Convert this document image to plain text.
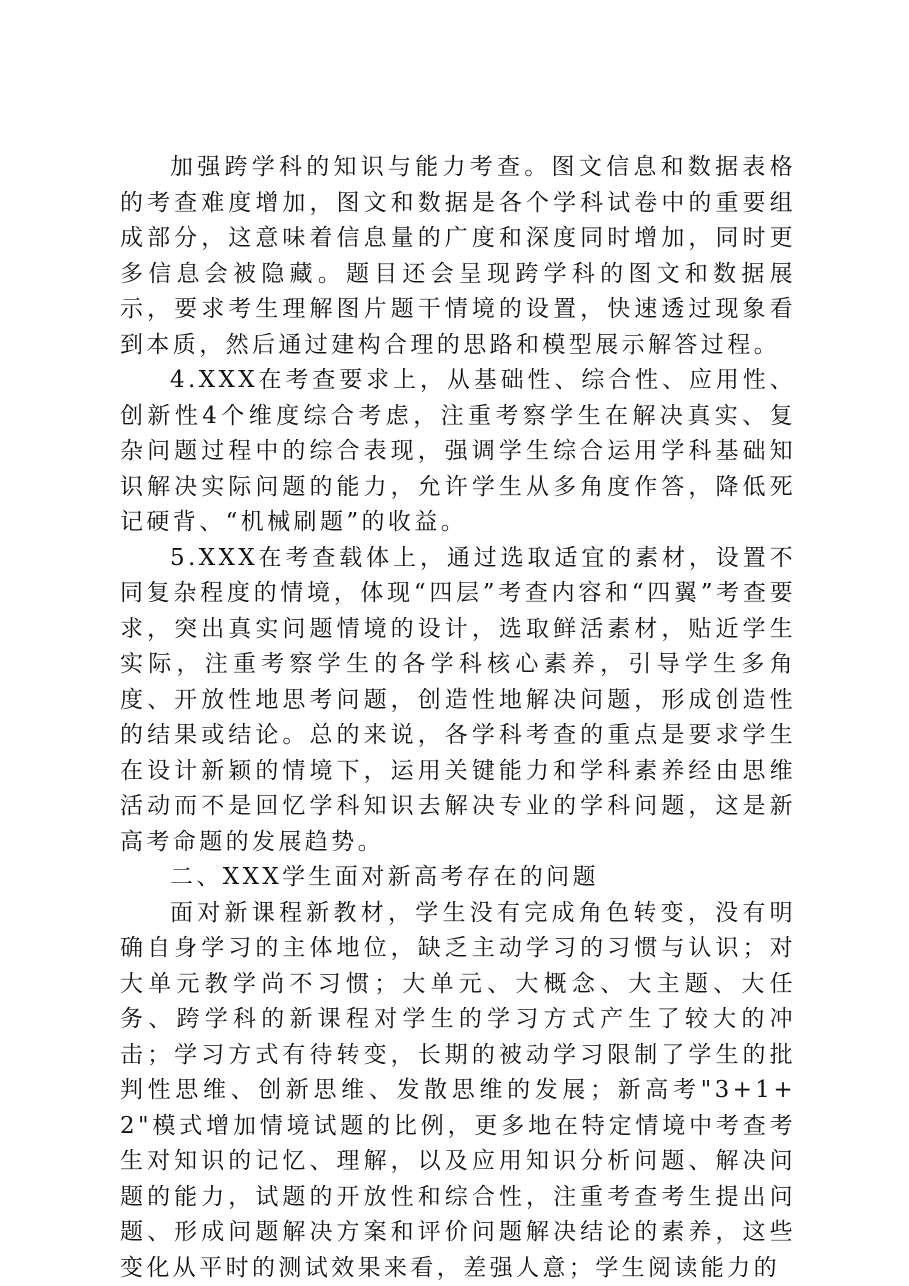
加强跨学科的知识与能力考查。图文信息和数据表格的考查难度增加，图文和数据是各个学科试卷中的重要组成部分，这意味着信息量的广度和深度同时增加，同时更多信息会被隐藏。题目还会呈现跨学科的图文和数据展示，要求考生理解图片题干情境的设置，快速透过现象看到本质，然后通过建构合理的思路和模型展示解答过程。

4.XXX在考查要求上，从基础性、综合性、应用性、创新性4个维度综合考虑，注重考察学生在解决真实、复杂问题过程中的综合表现，强调学生综合运用学科基础知识解决实际问题的能力，允许学生从多角度作答，降低死记硬背、“机械刷题”的收益。

5.XXX在考查载体上，通过选取适宜的素材，设置不同复杂程度的情境，体现“四层”考查内容和“四翼”考查要求，突出真实问题情境的设计，选取鲜活素材，贴近学生实际，注重考察学生的各学科核心素养，引导学生多角度、开放性地思考问题，创造性地解决问题，形成创造性的结果或结论。总的来说，各学科考查的重点是要求学生在设计新颖的情境下，运用关键能力和学科素养经由思维活动而不是回忆学科知识去解决专业的学科问题，这是新高考命题的发展趋势。

二、XXX学生面对新高考存在的问题

面对新课程新教材，学生没有完成角色转变，没有明确自身学习的主体地位，缺乏主动学习的习惯与认识；对大单元教学尚不习惯；大单元、大概念、大主题、大任务、跨学科的新课程对学生的学习方式产生了较大的冲击；学习方式有待转变，长期的被动学习限制了学生的批判性思维、创新思维、发散思维的发展；新高考"3+1+2"模式增加情境试题的比例，更多地在特定情境中考查考生对知识的记忆、理解，以及应用知识分析问题、解决问题的能力，试题的开放性和综合性，注重考查考生提出问题、形成问题解决方案和评价问题解决结论的素养，这些变化从平时的测试效果来看，差强人意；学生阅读能力的
